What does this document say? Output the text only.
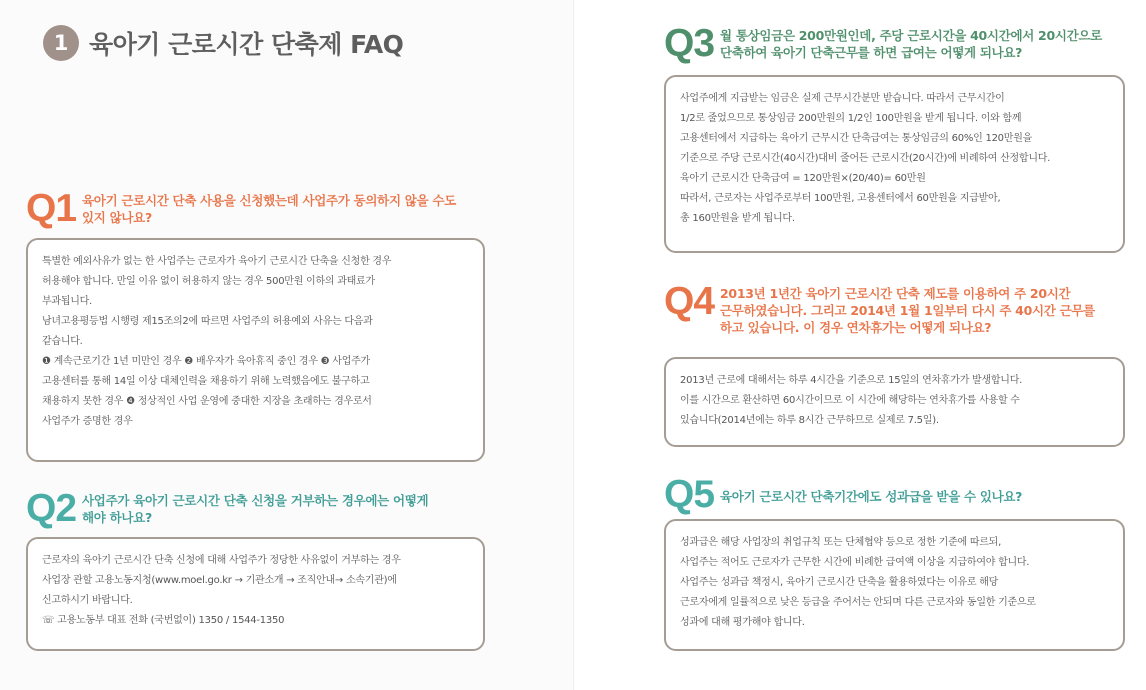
1 육아기 근로시간 단축제 FAQ
Q1 육아기 근로시간 단축 사용을 신청했는데 사업주가 동의하지 않을 수도
있지 않나요?
특별한 예외사유가 없는 한 사업주는 근로자가 육아기 근로시간 단축을 신청한 경우
허용해야 합니다. 만일 이유 없이 허용하지 않는 경우 500만원 이하의 과태료가
부과됩니다.
남녀고용평등법 시행령 제15조의2에 따르면 사업주의 허용예외 사유는 다음과
같습니다.
❶ 계속근로기간 1년 미만인 경우 ❷ 배우자가 육아휴직 중인 경우 ❸ 사업주가
고용센터를 통해 14일 이상 대체인력을 채용하기 위해 노력했음에도 불구하고
채용하지 못한 경우 ❹ 정상적인 사업 운영에 중대한 지장을 초래하는 경우로서
사업주가 증명한 경우
Q2 사업주가 육아기 근로시간 단축 신청을 거부하는 경우에는 어떻게
해야 하나요?
근로자의 육아기 근로시간 단축 신청에 대해 사업주가 정당한 사유없이 거부하는 경우
사업장 관할 고용노동지청(www.moel.go.kr → 기관소개 → 조직안내→ 소속기관)에
신고하시기 바랍니다.
☏ 고용노동부 대표 전화 (국번없이) 1350 / 1544-1350
Q3 월 통상임금은 200만원인데, 주당 근로시간을 40시간에서 20시간으로
단축하여 육아기 단축근무를 하면 급여는 어떻게 되나요?
사업주에게 지급받는 임금은 실제 근무시간분만 받습니다. 따라서 근무시간이
1/2로 줄었으므로 통상임금 200만원의 1/2인 100만원을 받게 됩니다. 이와 함께
고용센터에서 지급하는 육아기 근무시간 단축급여는 통상임금의 60%인 120만원을
기준으로 주당 근로시간(40시간)대비 줄어든 근로시간(20시간)에 비례하여 산정합니다.
육아기 근로시간 단축급여 = 120만원×(20/40)= 60만원
따라서, 근로자는 사업주로부터 100만원, 고용센터에서 60만원을 지급받아,
총 160만원을 받게 됩니다.
Q4 2013년 1년간 육아기 근로시간 단축 제도를 이용하여 주 20시간
근무하였습니다. 그리고 2014년 1월 1일부터 다시 주 40시간 근무를
하고 있습니다. 이 경우 연차휴가는 어떻게 되나요?
2013년 근로에 대해서는 하루 4시간을 기준으로 15일의 연차휴가가 발생합니다.
이를 시간으로 환산하면 60시간이므로 이 시간에 해당하는 연차휴가를 사용할 수
있습니다(2014년에는 하루 8시간 근무하므로 실제로 7.5일).
Q5 육아기 근로시간 단축기간에도 성과급을 받을 수 있나요?
성과급은 해당 사업장의 취업규칙 또는 단체협약 등으로 정한 기준에 따르되,
사업주는 적어도 근로자가 근무한 시간에 비례한 급여액 이상을 지급하여야 합니다.
사업주는 성과급 책정시, 육아기 근로시간 단축을 활용하였다는 이유로 해당
근로자에게 일률적으로 낮은 등급을 주어서는 안되며 다른 근로자와 동일한 기준으로
성과에 대해 평가해야 합니다.
